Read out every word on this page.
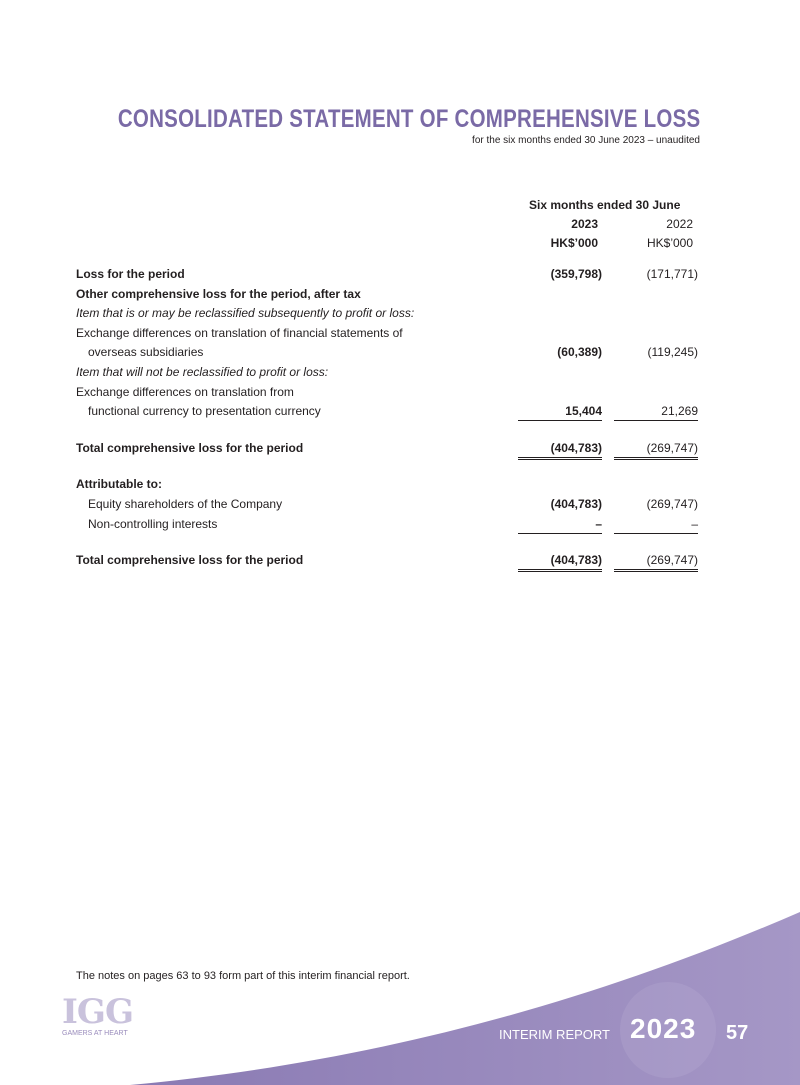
CONSOLIDATED STATEMENT OF COMPREHENSIVE LOSS
for the six months ended 30 June 2023 – unaudited
Six months ended 30 June
2023	2022
HK$’000	HK$’000
Loss for the period	(359,798)	(171,771)
Other comprehensive loss for the period, after tax
Item that is or may be reclassified subsequently to profit or loss:
Exchange differences on translation of financial statements of
overseas subsidiaries	(60,389)	(119,245)
Item that will not be reclassified to profit or loss:
Exchange differences on translation from
functional currency to presentation currency	15,404	21,269
Total comprehensive loss for the period	(404,783)	(269,747)
Attributable to:
Equity shareholders of the Company	(404,783)	(269,747)
Non-controlling interests	–	–
Total comprehensive loss for the period	(404,783)	(269,747)
The notes on pages 63 to 93 form part of this interim financial report.
IGG
GAMERS AT HEART	INTERIM REPORT 2023 57
